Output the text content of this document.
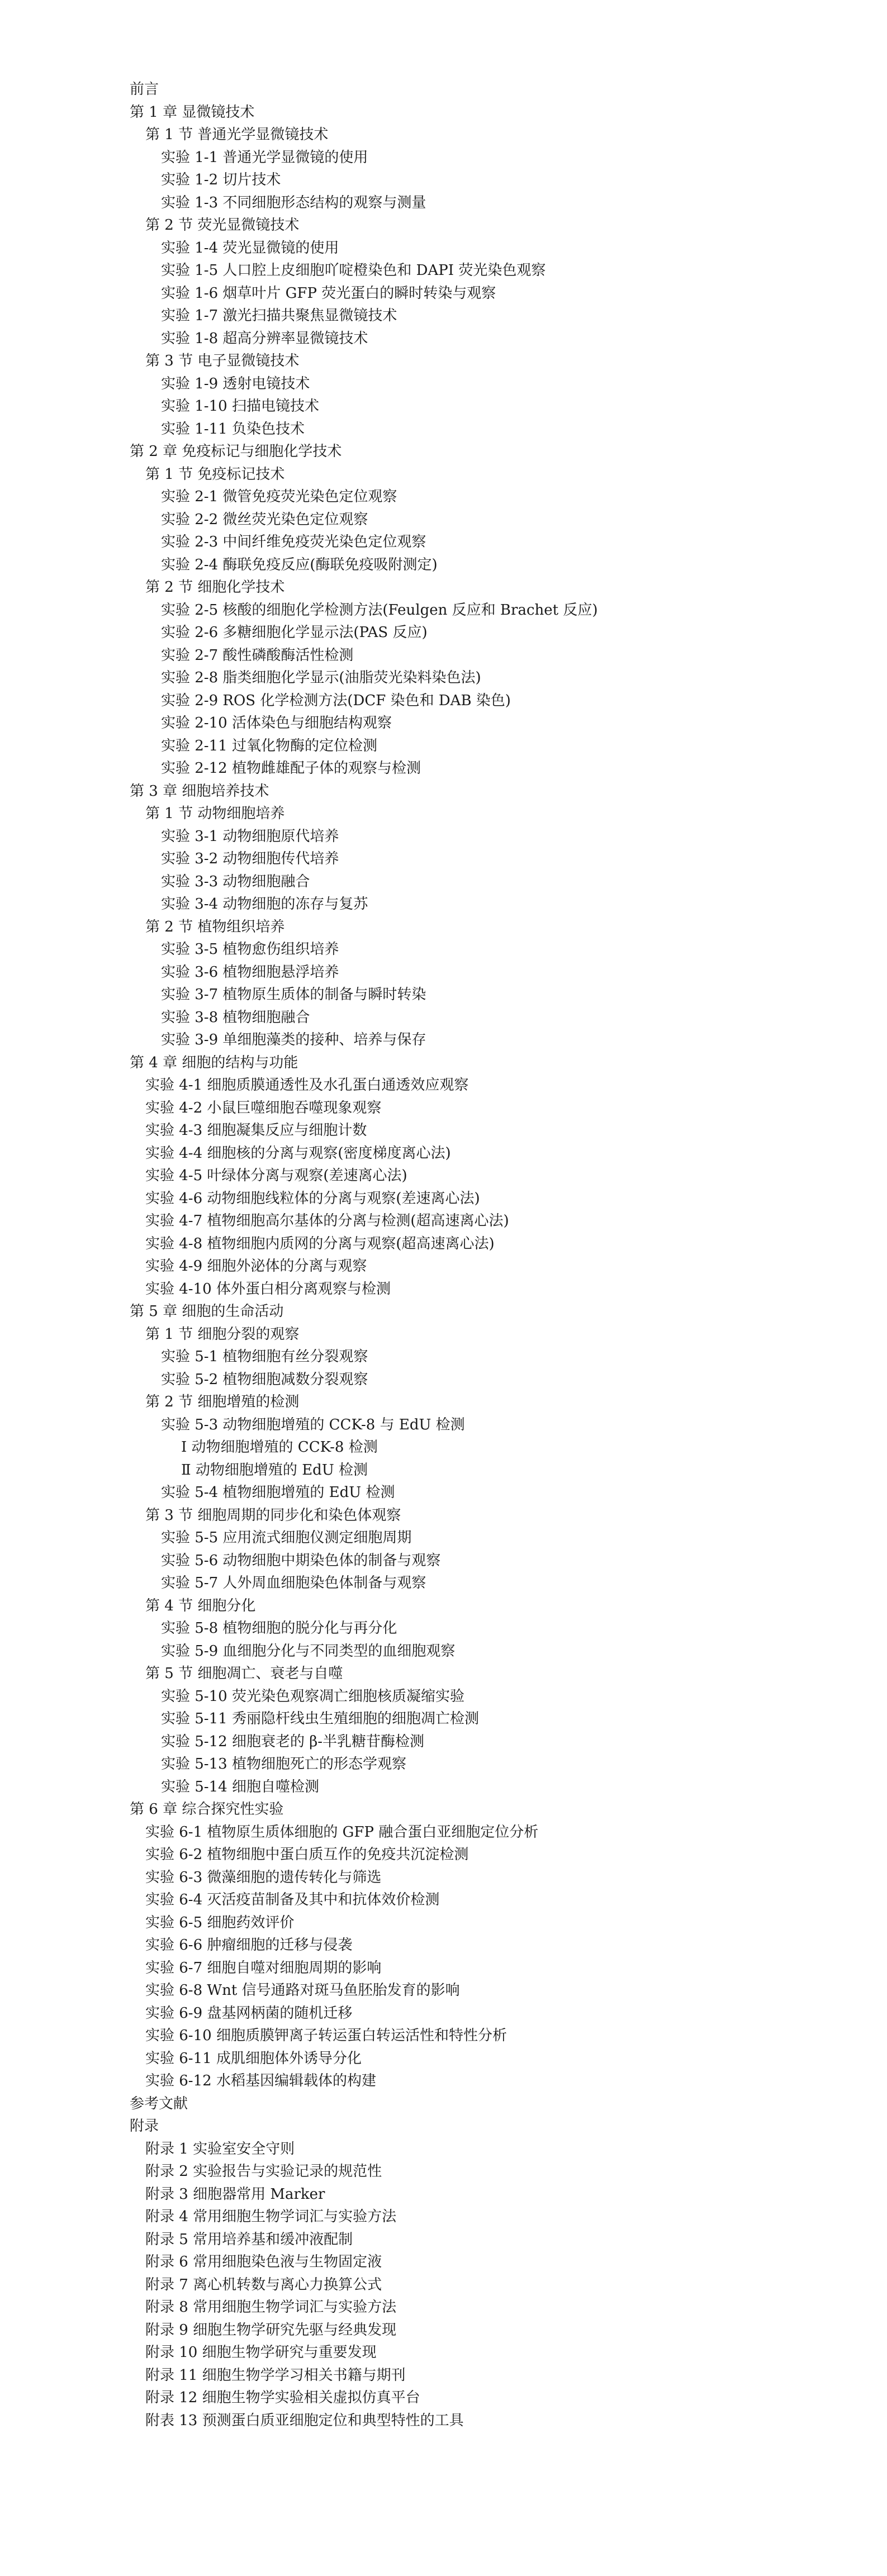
前言
第 1 章 显微镜技术
第 1 节 普通光学显微镜技术
实验 1-1 普通光学显微镜的使用
实验 1-2 切片技术
实验 1-3 不同细胞形态结构的观察与测量
第 2 节 荧光显微镜技术
实验 1-4 荧光显微镜的使用
实验 1-5 人口腔上皮细胞吖啶橙染色和 DAPI 荧光染色观察
实验 1-6 烟草叶片 GFP 荧光蛋白的瞬时转染与观察
实验 1-7 激光扫描共聚焦显微镜技术
实验 1-8 超高分辨率显微镜技术
第 3 节 电子显微镜技术
实验 1-9 透射电镜技术
实验 1-10 扫描电镜技术
实验 1-11 负染色技术
第 2 章 免疫标记与细胞化学技术
第 1 节 免疫标记技术
实验 2-1 微管免疫荧光染色定位观察
实验 2-2 微丝荧光染色定位观察
实验 2-3 中间纤维免疫荧光染色定位观察
实验 2-4 酶联免疫反应(酶联免疫吸附测定)
第 2 节 细胞化学技术
实验 2-5 核酸的细胞化学检测方法(Feulgen 反应和 Brachet 反应)
实验 2-6 多糖细胞化学显示法(PAS 反应)
实验 2-7 酸性磷酸酶活性检测
实验 2-8 脂类细胞化学显示(油脂荧光染料染色法)
实验 2-9 ROS 化学检测方法(DCF 染色和 DAB 染色)
实验 2-10 活体染色与细胞结构观察
实验 2-11 过氧化物酶的定位检测
实验 2-12 植物雌雄配子体的观察与检测
第 3 章 细胞培养技术
第 1 节 动物细胞培养
实验 3-1 动物细胞原代培养
实验 3-2 动物细胞传代培养
实验 3-3 动物细胞融合
实验 3-4 动物细胞的冻存与复苏
第 2 节 植物组织培养
实验 3-5 植物愈伤组织培养
实验 3-6 植物细胞悬浮培养
实验 3-7 植物原生质体的制备与瞬时转染
实验 3-8 植物细胞融合
实验 3-9 单细胞藻类的接种、培养与保存
第 4 章 细胞的结构与功能
实验 4-1 细胞质膜通透性及水孔蛋白通透效应观察
实验 4-2 小鼠巨噬细胞吞噬现象观察
实验 4-3 细胞凝集反应与细胞计数
实验 4-4 细胞核的分离与观察(密度梯度离心法)
实验 4-5 叶绿体分离与观察(差速离心法)
实验 4-6 动物细胞线粒体的分离与观察(差速离心法)
实验 4-7 植物细胞高尔基体的分离与检测(超高速离心法)
实验 4-8 植物细胞内质网的分离与观察(超高速离心法)
实验 4-9 细胞外泌体的分离与观察
实验 4-10 体外蛋白相分离观察与检测
第 5 章 细胞的生命活动
第 1 节 细胞分裂的观察
实验 5-1 植物细胞有丝分裂观察
实验 5-2 植物细胞减数分裂观察
第 2 节 细胞增殖的检测
实验 5-3 动物细胞增殖的 CCK-8 与 EdU 检测
Ⅰ 动物细胞增殖的 CCK-8 检测
Ⅱ 动物细胞增殖的 EdU 检测
实验 5-4 植物细胞增殖的 EdU 检测
第 3 节 细胞周期的同步化和染色体观察
实验 5-5 应用流式细胞仪测定细胞周期
实验 5-6 动物细胞中期染色体的制备与观察
实验 5-7 人外周血细胞染色体制备与观察
第 4 节 细胞分化
实验 5-8 植物细胞的脱分化与再分化
实验 5-9 血细胞分化与不同类型的血细胞观察
第 5 节 细胞凋亡、衰老与自噬
实验 5-10 荧光染色观察凋亡细胞核质凝缩实验
实验 5-11 秀丽隐杆线虫生殖细胞的细胞凋亡检测
实验 5-12 细胞衰老的 β-半乳糖苷酶检测
实验 5-13 植物细胞死亡的形态学观察
实验 5-14 细胞自噬检测
第 6 章 综合探究性实验
实验 6-1 植物原生质体细胞的 GFP 融合蛋白亚细胞定位分析
实验 6-2 植物细胞中蛋白质互作的免疫共沉淀检测
实验 6-3 微藻细胞的遗传转化与筛选
实验 6-4 灭活疫苗制备及其中和抗体效价检测
实验 6-5 细胞药效评价
实验 6-6 肿瘤细胞的迁移与侵袭
实验 6-7 细胞自噬对细胞周期的影响
实验 6-8 Wnt 信号通路对斑马鱼胚胎发育的影响
实验 6-9 盘基网柄菌的随机迁移
实验 6-10 细胞质膜钾离子转运蛋白转运活性和特性分析
实验 6-11 成肌细胞体外诱导分化
实验 6-12 水稻基因编辑载体的构建
参考文献
附录
附录 1 实验室安全守则
附录 2 实验报告与实验记录的规范性
附录 3 细胞器常用 Marker
附录 4 常用细胞生物学词汇与实验方法
附录 5 常用培养基和缓冲液配制
附录 6 常用细胞染色液与生物固定液
附录 7 离心机转数与离心力换算公式
附录 8 常用细胞生物学词汇与实验方法
附录 9 细胞生物学研究先驱与经典发现
附录 10 细胞生物学研究与重要发现
附录 11 细胞生物学学习相关书籍与期刊
附录 12 细胞生物学实验相关虚拟仿真平台
附表 13 预测蛋白质亚细胞定位和典型特性的工具
